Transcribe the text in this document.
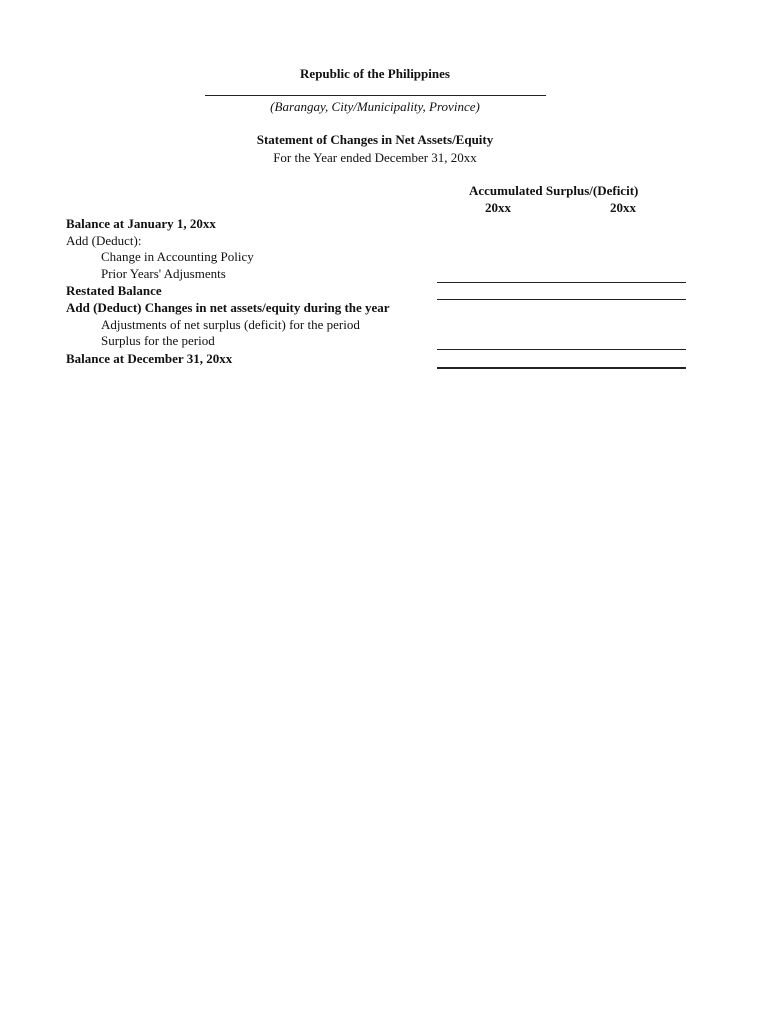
Republic of the Philippines
(Barangay, City/Municipality, Province)
Statement of Changes in Net Assets/Equity
For the Year ended December 31, 20xx
Accumulated Surplus/(Deficit)
20xx	20xx
Balance at January 1, 20xx
Add (Deduct):
Change in Accounting Policy
Prior Years' Adjusments
Restated Balance
Add (Deduct) Changes in net assets/equity during the year
Adjustments of net surplus (deficit) for the period
Surplus for the period
Balance at December 31, 20xx
